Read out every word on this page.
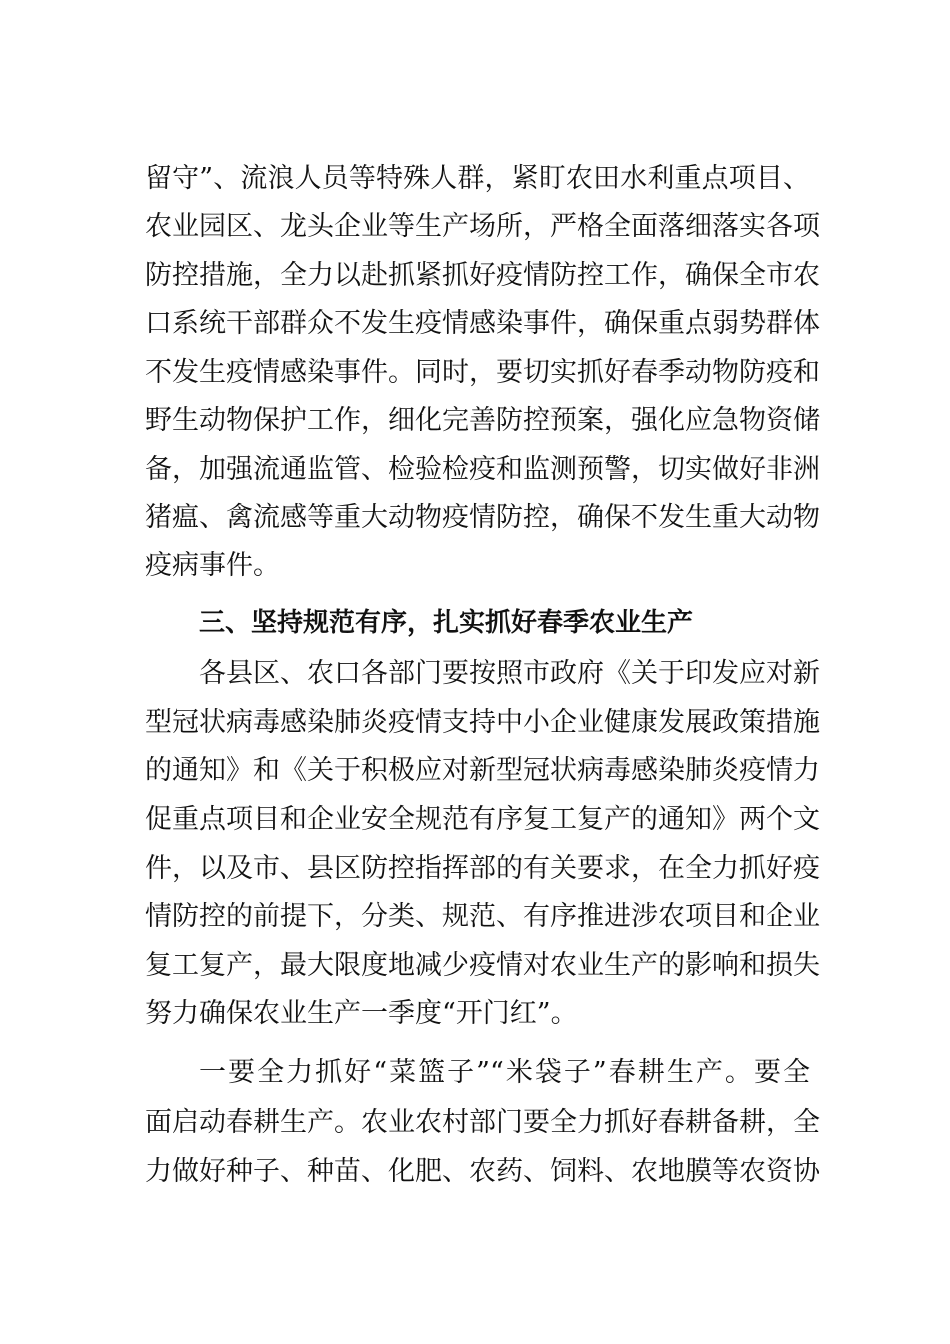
留守”、流浪人员等特殊人群，紧盯农田水利重点项目、
农业园区、龙头企业等生产场所，严格全面落细落实各项
防控措施，全力以赴抓紧抓好疫情防控工作，确保全市农
口系统干部群众不发生疫情感染事件，确保重点弱势群体
不发生疫情感染事件。同时，要切实抓好春季动物防疫和
野生动物保护工作，细化完善防控预案，强化应急物资储
备，加强流通监管、检验检疫和监测预警，切实做好非洲
猪瘟、禽流感等重大动物疫情防控，确保不发生重大动物
疫病事件。
三、坚持规范有序，扎实抓好春季农业生产
各县区、农口各部门要按照市政府《关于印发应对新
型冠状病毒感染肺炎疫情支持中小企业健康发展政策措施
的通知》和《关于积极应对新型冠状病毒感染肺炎疫情力
促重点项目和企业安全规范有序复工复产的通知》两个文
件，以及市、县区防控指挥部的有关要求，在全力抓好疫
情防控的前提下，分类、规范、有序推进涉农项目和企业
复工复产，最大限度地减少疫情对农业生产的影响和损失
努力确保农业生产一季度“开门红”。
一要全力抓好“菜篮子”“米袋子”春耕生产。要全
面启动春耕生产。农业农村部门要全力抓好春耕备耕，全
力做好种子、种苗、化肥、农药、饲料、农地膜等农资协
